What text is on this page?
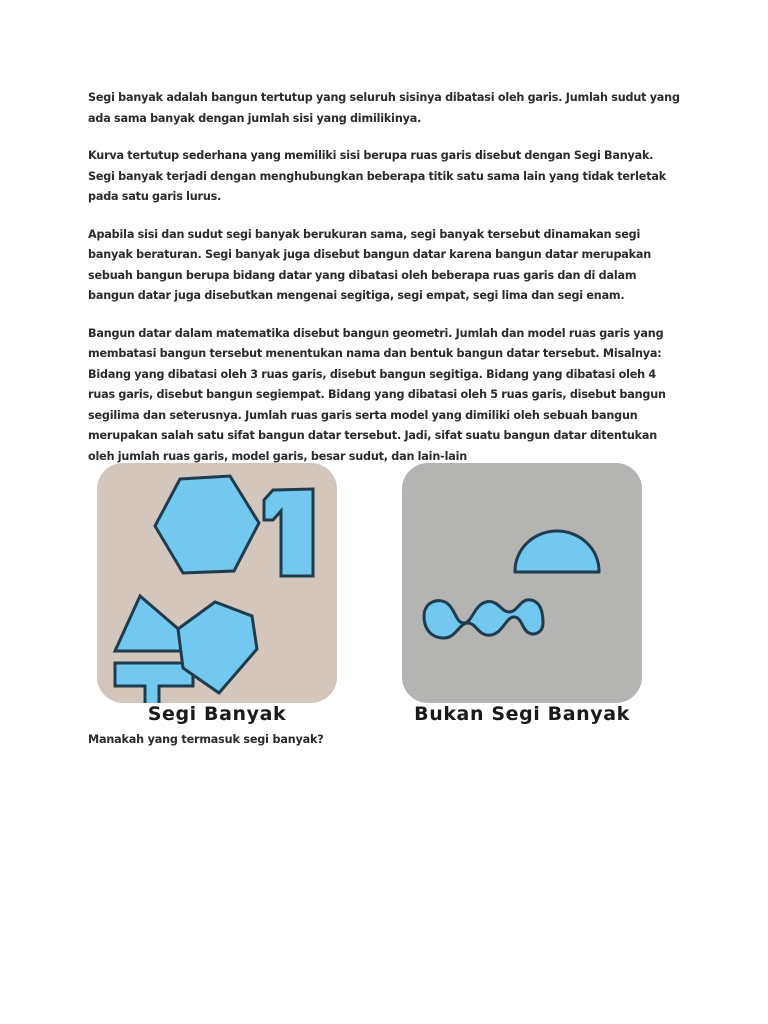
Segi banyak adalah bangun tertutup yang seluruh sisinya dibatasi oleh garis. Jumlah sudut yang ada sama banyak dengan jumlah sisi yang dimilikinya.

Kurva tertutup sederhana yang memiliki sisi berupa ruas garis disebut dengan Segi Banyak. Segi banyak terjadi dengan menghubungkan beberapa titik satu sama lain yang tidak terletak pada satu garis lurus.

Apabila sisi dan sudut segi banyak berukuran sama, segi banyak tersebut dinamakan segi banyak beraturan. Segi banyak juga disebut bangun datar karena bangun datar merupakan sebuah bangun berupa bidang datar yang dibatasi oleh beberapa ruas garis dan di dalam bangun datar juga disebutkan mengenai segitiga, segi empat, segi lima dan segi enam.

Bangun datar dalam matematika disebut bangun geometri. Jumlah dan model ruas garis yang membatasi bangun tersebut menentukan nama dan bentuk bangun datar tersebut. Misalnya: Bidang yang dibatasi oleh 3 ruas garis, disebut bangun segitiga. Bidang yang dibatasi oleh 4 ruas garis, disebut bangun segiempat. Bidang yang dibatasi oleh 5 ruas garis, disebut bangun segilima dan seterusnya. Jumlah ruas garis serta model yang dimiliki oleh sebuah bangun merupakan salah satu sifat bangun datar tersebut. Jadi, sifat suatu bangun datar ditentukan oleh jumlah ruas garis, model garis, besar sudut, dan lain-lain

Segi Banyak	Bukan Segi Banyak
Manakah yang termasuk segi banyak?
